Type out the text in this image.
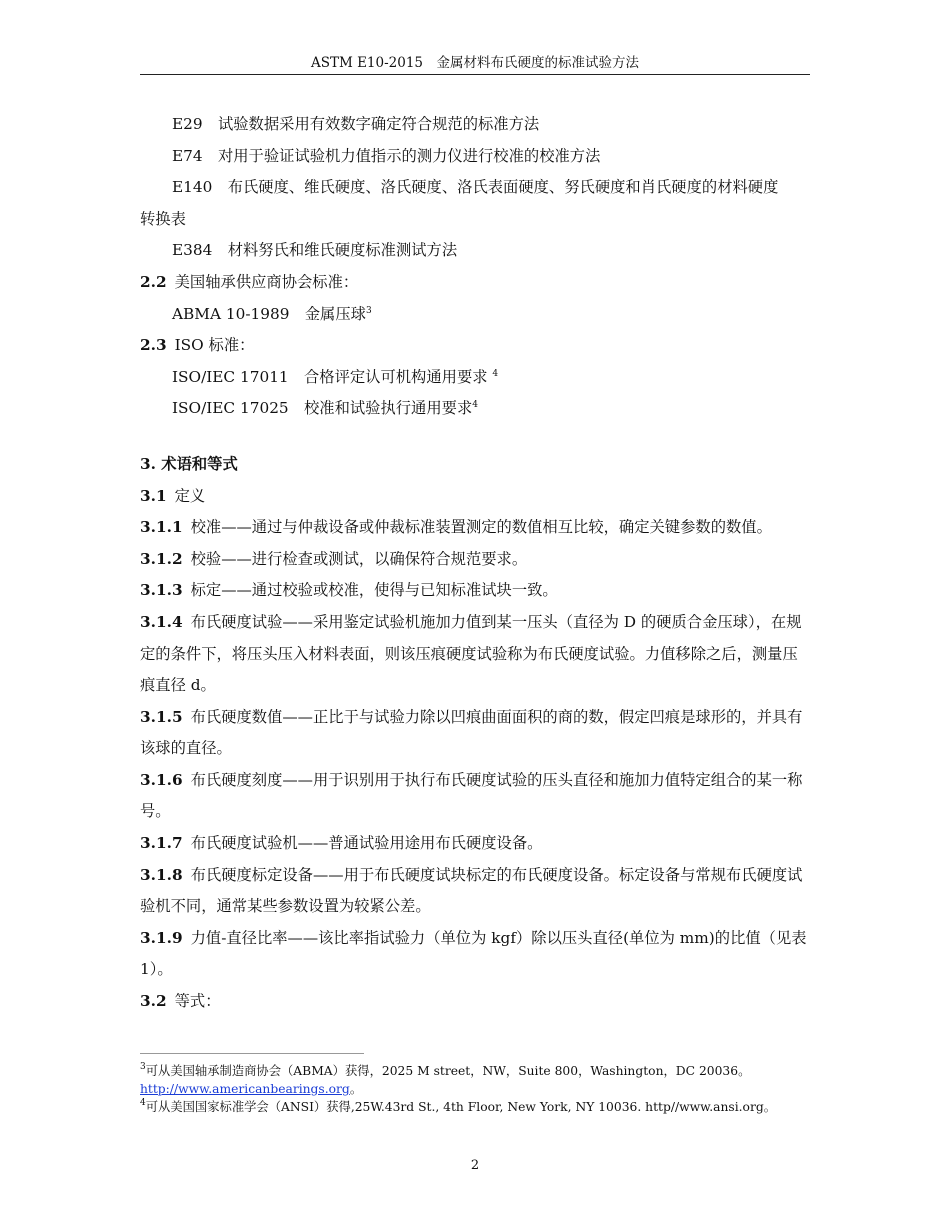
ASTM E10-2015　金属材料布氏硬度的标准试验方法
E29　 试验数据采用有效数字确定符合规范的标准方法
E74　 对用于验证试验机力值指示的测力仪进行校准的校准方法
E140　 布氏硬度、维氏硬度、洛氏硬度、洛氏表面硬度、努氏硬度和肖氏硬度的材料硬度
转换表
E384　 材料努氏和维氏硬度标准测试方法
2.2 美国轴承供应商协会标准：
ABMA 10-1989　 金属压球$^3$
2.3 ISO 标准：
ISO/IEC 17011　 合格评定认可机构通用要求 $^4$
ISO/IEC 17025　 校准和试验执行通用要求$^4$
3. 术语和等式
3.1 定义
3.1.1 校准——通过与仲裁设备或仲裁标准装置测定的数值相互比较，确定关键参数的数值。
3.1.2 校验——进行检查或测试，以确保符合规范要求。
3.1.3 标定——通过校验或校准，使得与已知标准试块一致。
3.1.4 布氏硬度试验——采用鉴定试验机施加力值到某一压头（直径为 D 的硬质合金压球），在规定的条件下，将压头压入材料表面，则该压痕硬度试验称为布氏硬度试验。力值移除之后，测量压痕直径 d。
3.1.5 布氏硬度数值——正比于与试验力除以凹痕曲面面积的商的数，假定凹痕是球形的，并具有该球的直径。
3.1.6 布氏硬度刻度——用于识别用于执行布氏硬度试验的压头直径和施加力值特定组合的某一称号。
3.1.7 布氏硬度试验机——普通试验用途用布氏硬度设备。
3.1.8 布氏硬度标定设备——用于布氏硬度试块标定的布氏硬度设备。标定设备与常规布氏硬度试验机不同，通常某些参数设置为较紧公差。
3.1.9 力值-直径比率——该比率指试验力（单位为 kgf）除以压头直径(单位为 mm)的比值（见表 1）。
3.2 等式：
$^3$可从美国轴承制造商协会（ABMA）获得，2025 M street，NW，Suite 800，Washington，DC 20036。
http://www.americanbearings.org。
$^4$可从美国国家标准学会（ANSI）获得,25W.43rd St., 4th Floor, New York, NY 10036. http//www.ansi.org。
2
